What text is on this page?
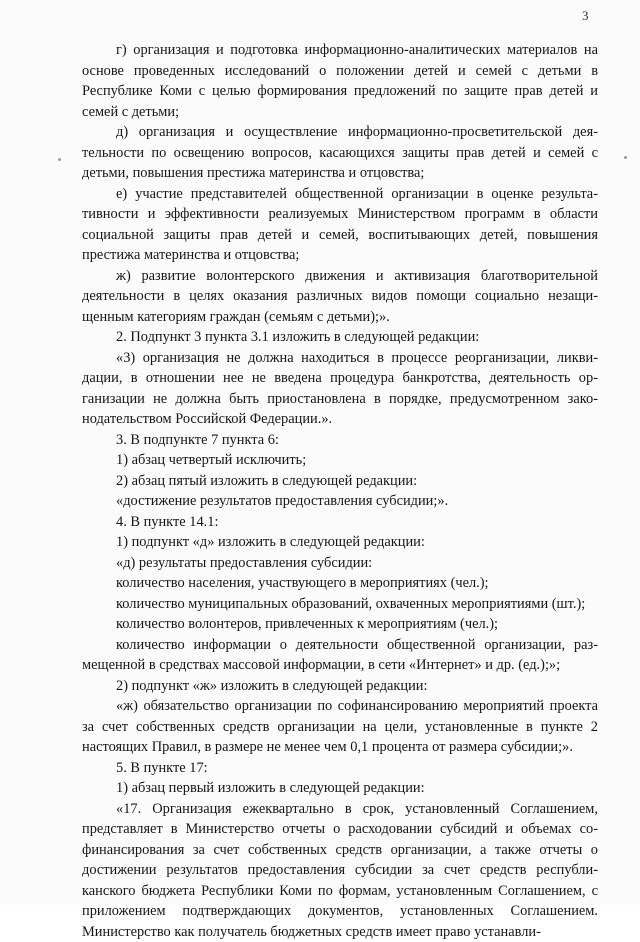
3

г) организация и подготовка информационно-аналитических материалов на основе проведенных исследований о положении детей и семей с детьми в Республике Коми с целью формирования предложений по защите прав детей и семей с детьми;

д) организация и осуществление информационно-просветительской деятельности по освещению вопросов, касающихся защиты прав детей и семей с детьми, повышения престижа материнства и отцовства;

е) участие представителей общественной организации в оценке результативности и эффективности реализуемых Министерством программ в области социальной защиты прав детей и семей, воспитывающих детей, повышения престижа материнства и отцовства;

ж) развитие волонтерского движения и активизация благотворительной деятельности в целях оказания различных видов помощи социально незащищенным категориям граждан (семьям с детьми);».

2. Подпункт 3 пункта 3.1 изложить в следующей редакции:

«3) организация не должна находиться в процессе реорганизации, ликвидации, в отношении нее не введена процедура банкротства, деятельность организации не должна быть приостановлена в порядке, предусмотренном законодательством Российской Федерации.».

3. В подпункте 7 пункта 6:

1) абзац четвертый исключить;

2) абзац пятый изложить в следующей редакции:

«достижение результатов предоставления субсидии;».

4. В пункте 14.1:

1) подпункт «д» изложить в следующей редакции:

«д) результаты предоставления субсидии:

количество населения, участвующего в мероприятиях (чел.);

количество муниципальных образований, охваченных мероприятиями (шт.);

количество волонтеров, привлеченных к мероприятиям (чел.);

количество информации о деятельности общественной организации, размещенной в средствах массовой информации, в сети «Интернет» и др. (ед.);»;

2) подпункт «ж» изложить в следующей редакции:

«ж) обязательство организации по софинансированию мероприятий проекта за счет собственных средств организации на цели, установленные в пункте 2 настоящих Правил, в размере не менее чем 0,1 процента от размера субсидии;».

5. В пункте 17:

1) абзац первый изложить в следующей редакции:

«17. Организация ежеквартально в срок, установленный Соглашением, представляет в Министерство отчеты о расходовании субсидий и объемах софинансирования за счет собственных средств организации, а также отчеты о достижении результатов предоставления субсидии за счет средств республиканского бюджета Республики Коми по формам, установленным Соглашением, с приложением подтверждающих документов, установленных Соглашением. Министерство как получатель бюджетных средств имеет право устанавли-
